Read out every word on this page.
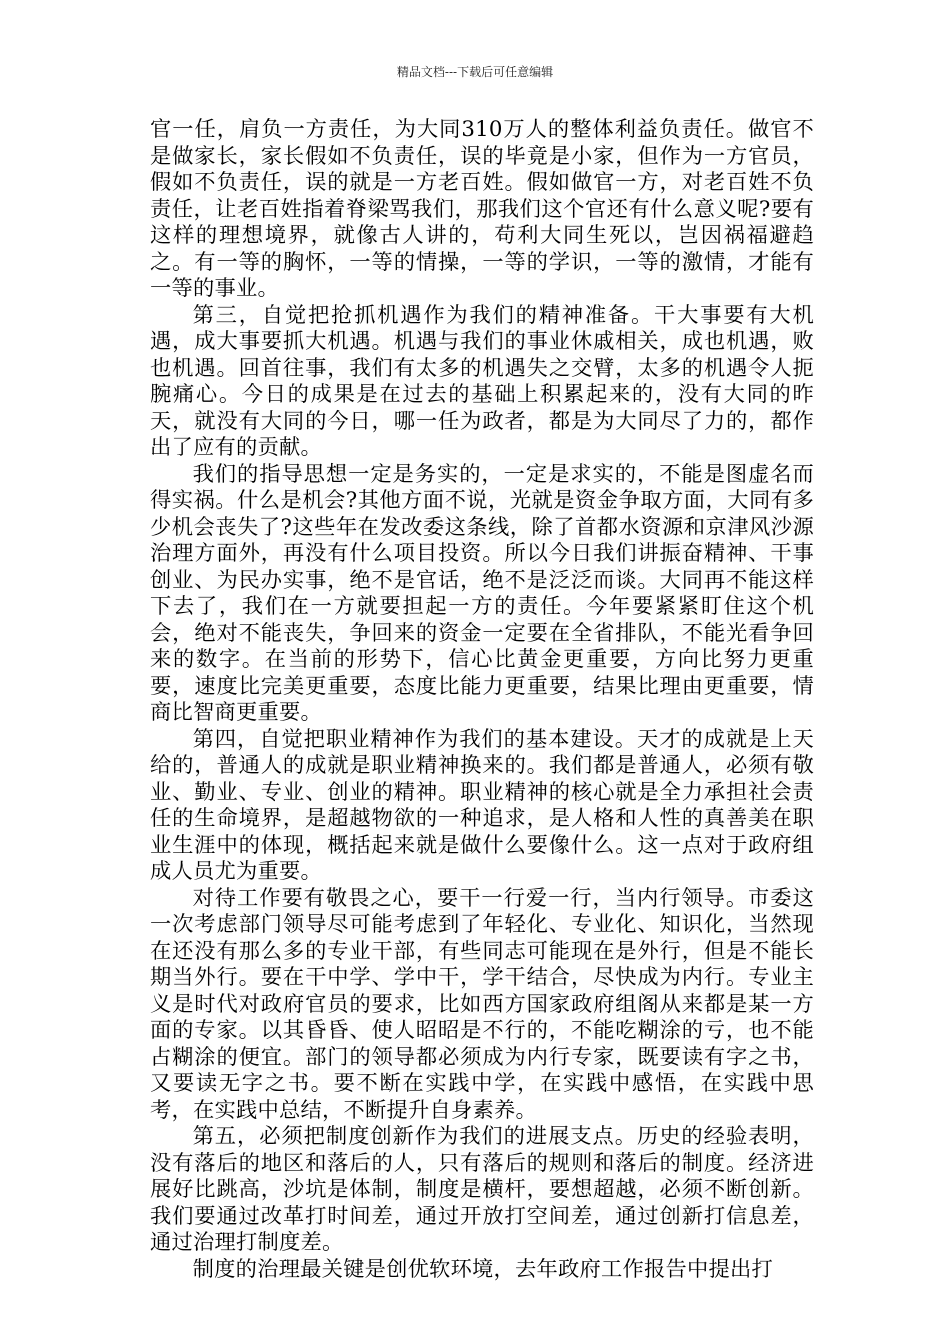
精品文档---下载后可任意编辑

官一任，肩负一方责任，为大同310万人的整体利益负责任。做官不是做家长，家长假如不负责任，误的毕竟是小家，但作为一方官员，假如不负责任，误的就是一方老百姓。假如做官一方，对老百姓不负责任，让老百姓指着脊梁骂我们，那我们这个官还有什么意义呢?要有这样的理想境界，就像古人讲的，苟利大同生死以，岂因祸福避趋之。有一等的胸怀，一等的情操，一等的学识，一等的激情，才能有一等的事业。

第三，自觉把抢抓机遇作为我们的精神准备。干大事要有大机遇，成大事要抓大机遇。机遇与我们的事业休戚相关，成也机遇，败也机遇。回首往事，我们有太多的机遇失之交臂，太多的机遇令人扼腕痛心。今日的成果是在过去的基础上积累起来的，没有大同的昨天，就没有大同的今日，哪一任为政者，都是为大同尽了力的，都作出了应有的贡献。

我们的指导思想一定是务实的，一定是求实的，不能是图虚名而得实祸。什么是机会?其他方面不说，光就是资金争取方面，大同有多少机会丧失了?这些年在发改委这条线，除了首都水资源和京津风沙源治理方面外，再没有什么项目投资。所以今日我们讲振奋精神、干事创业、为民办实事，绝不是官话，绝不是泛泛而谈。大同再不能这样下去了，我们在一方就要担起一方的责任。今年要紧紧盯住这个机会，绝对不能丧失，争回来的资金一定要在全省排队，不能光看争回来的数字。在当前的形势下，信心比黄金更重要，方向比努力更重要，速度比完美更重要，态度比能力更重要，结果比理由更重要，情商比智商更重要。

第四，自觉把职业精神作为我们的基本建设。天才的成就是上天给的，普通人的成就是职业精神换来的。我们都是普通人，必须有敬业、勤业、专业、创业的精神。职业精神的核心就是全力承担社会责任的生命境界，是超越物欲的一种追求，是人格和人性的真善美在职业生涯中的体现，概括起来就是做什么要像什么。这一点对于政府组成人员尤为重要。

对待工作要有敬畏之心，要干一行爱一行，当内行领导。市委这一次考虑部门领导尽可能考虑到了年轻化、专业化、知识化，当然现在还没有那么多的专业干部，有些同志可能现在是外行，但是不能长期当外行。要在干中学、学中干，学干结合，尽快成为内行。专业主义是时代对政府官员的要求，比如西方国家政府组阁从来都是某一方面的专家。以其昏昏、使人昭昭是不行的，不能吃糊涂的亏，也不能占糊涂的便宜。部门的领导都必须成为内行专家，既要读有字之书，又要读无字之书。要不断在实践中学，在实践中感悟，在实践中思考，在实践中总结，不断提升自身素养。

第五，必须把制度创新作为我们的进展支点。历史的经验表明，没有落后的地区和落后的人，只有落后的规则和落后的制度。经济进展好比跳高，沙坑是体制，制度是横杆，要想超越，必须不断创新。我们要通过改革打时间差，通过开放打空间差，通过创新打信息差，通过治理打制度差。

制度的治理最关键是创优软环境，去年政府工作报告中提出打
